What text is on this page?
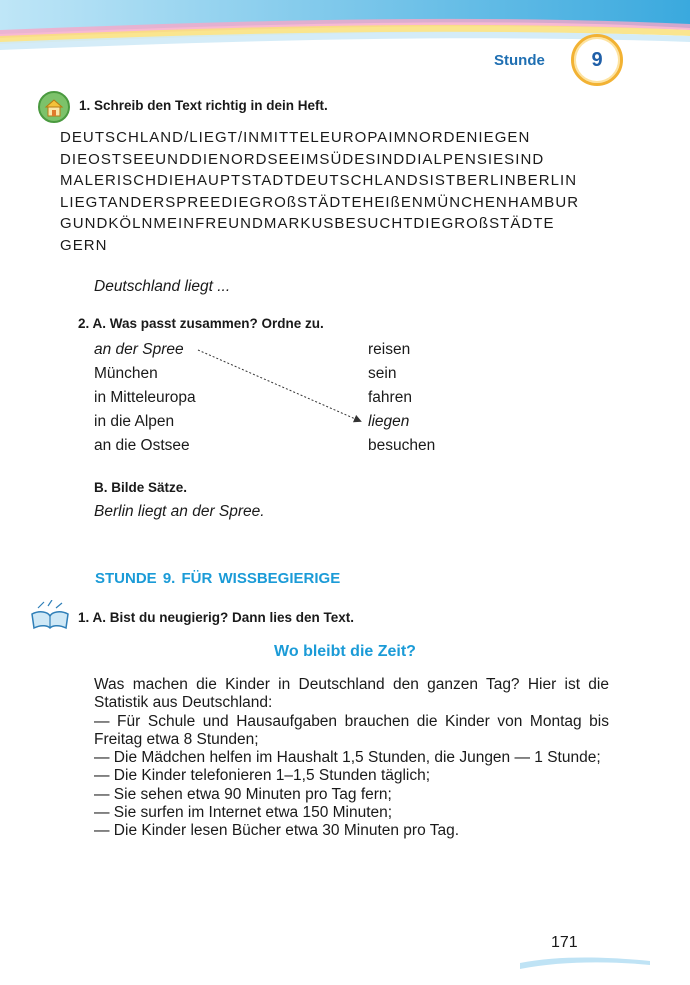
Stunde	9
1. Schreib den Text richtig in dein Heft.
DEUTSCHLAND/LIEGT/INMITTELEUROPAIMNORDENIEGEN
DIEOSTSEEUNDDIENORDSEEIMSÜDESINDDIALPENSIESIND
MALERISCHDIEHAUPTSTADTDEUTSCHLANDSISTBERLINBERLIN
LIEGTANDERSPREEDIEGROßSTÄDTEHEIßENMÜNCHENHAMBUR
GUNDKÖLNMEINFREUNDMARKUSBESUCHTDIEGROßSTÄDTE
GERN
Deutschland liegt ...
2. A. Was passt zusammen? Ordne zu.
an der Spree
München
in Mitteleuropa
in die Alpen
an die Ostsee
reisen
sein
fahren
liegen
besuchen
B. Bilde Sätze.
Berlin liegt an der Spree.
STUNDE 9. FÜR WISSBEGIERIGE
1. A. Bist du neugierig? Dann lies den Text.
Wo bleibt die Zeit?

Was machen die Kinder in Deutschland den ganzen Tag? Hier ist die Statistik aus Deutschland:

— Für Schule und Hausaufgaben brauchen die Kinder von Montag bis Freitag etwa 8 Stunden;

— Die Mädchen helfen im Haushalt 1,5 Stunden, die Jungen — 1 Stunde;

— Die Kinder telefonieren 1–1,5 Stunden täglich;

— Sie sehen etwa 90 Minuten pro Tag fern;

— Sie surfen im Internet etwa 150 Minuten;

— Die Kinder lesen Bücher etwa 30 Minuten pro Tag.

171
